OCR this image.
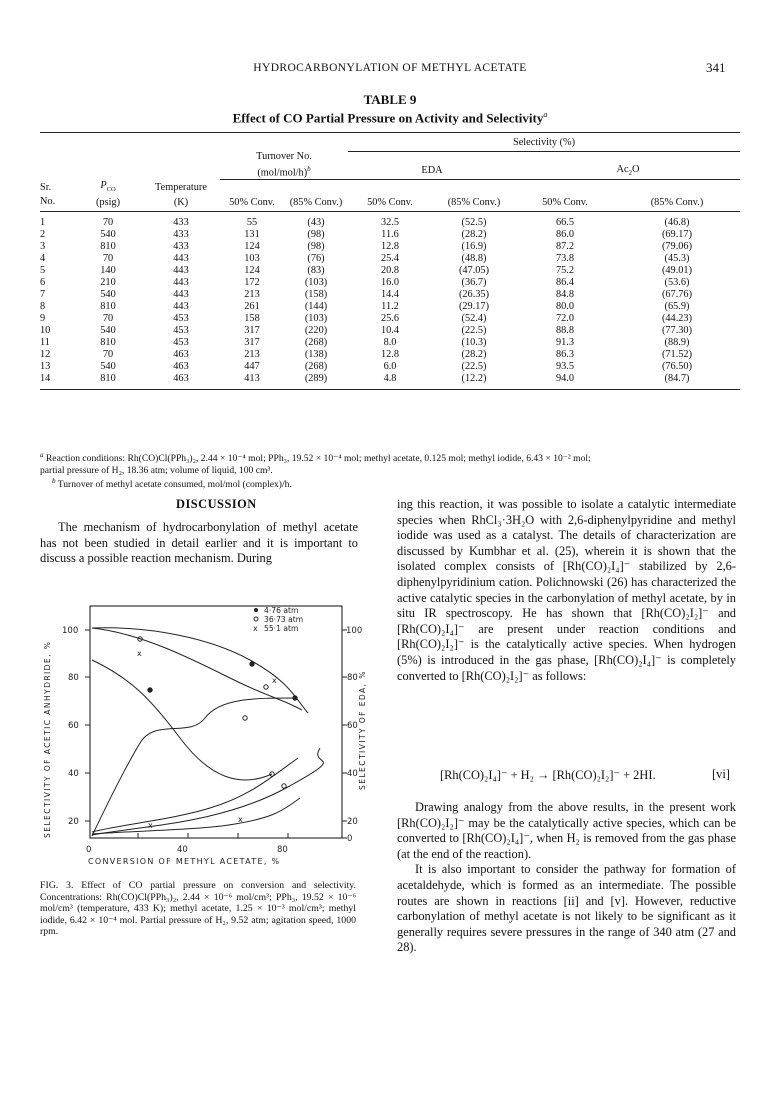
HYDROCARBONYLATION OF METHYL ACETATE	341
TABLE 9
Effect of CO Partial Pressure on Activity and Selectivity$^a$

					Selectivity (%)			
			Turnover No.					
			$(mol/mol/h)^b$		EDA		$Ac_2O$	
Sr.	$P_{CO}$	Temperature						
No.	(psig)	(K)	50% Conv.	(85% Conv.)	50% Conv.	(85% Conv.)	50% Conv.	(85% Conv.)

1	70	433	55	(43)	32.5	(52.5)	66.5	(46.8)
2	540	433	131	(98)	11.6	(28.2)	86.0	(69.17)
3	810	433	124	(98)	12.8	(16.9)	87.2	(79.06)
4	70	443	103	(76)	25.4	(48.8)	73.8	(45.3)
5	140	443	124	(83)	20.8	(47.05)	75.2	(49.01)
6	210	443	172	(103)	16.0	(36.7)	86.4	(53.6)
7	540	443	213	(158)	14.4	(26.35)	84.8	(67.76)
8	810	443	261	(144)	11.2	(29.17)	80.0	(65.9)
9	70	453	158	(103)	25.6	(52.4)	72.0	(44.23)
10	540	453	317	(220)	10.4	(22.5)	88.8	(77.30)
11	810	453	317	(268)	8.0	(10.3)	91.3	(88.9)
12	70	463	213	(138)	12.8	(28.2)	86.3	(71.52)
13	540	463	447	(268)	6.0	(22.5)	93.5	(76.50)
14	810	463	413	(289)	4.8	(12.2)	94.0	(84.7)

$^a$ Reaction conditions: Rh(CO)Cl(PPh₃)₂, 2.44 × 10⁻⁴ mol; PPh₃, 19.52 × 10⁻⁴ mol; methyl acetate, 0.125 mol; methyl iodide, 6.43 × 10⁻² mol;
partial pressure of H₂, 18.36 atm; volume of liquid, 100 cm³.
$^b$ Turnover of methyl acetate consumed, mol/mol (complex)/h.
DISCUSSION

The mechanism of hydrocarbonylation of methyl acetate has not been studied in detail earlier and it is important to discuss a possible reaction mechanism. During

100
80
60
40
20
100
80
60
40
20
0
0	40	80
SELECTIVITY OF ACETIC ANHYDRIDE, %	SELECTIVITY OF EDA, %
CONVERSION OF METHYL ACETATE, %
4·76 atm
36·73 atm
x 55·1 atm
x
x
x
x
FIG. 3. Effect of CO partial pressure on conversion and selectivity. Concentrations: Rh(CO)Cl(PPh₃)₂, 2.44 × 10⁻⁶ mol/cm³; PPh₃, 19.52 × 10⁻⁶ mol/cm³ (temperature, 433 K); methyl acetate, 1.25 × 10⁻³ mol/cm³; methyl iodide, 6.42 × 10⁻⁴ mol. Partial pressure of H₂, 9.52 atm; agitation speed, 1000 rpm.

ing this reaction, it was possible to isolate a catalytic intermediate species when RhCl₃·3H₂O with 2,6-diphenylpyridine and methyl iodide was used as a catalyst. The details of characterization are discussed by Kumbhar et al. (25), wherein it is shown that the isolated complex consists of [Rh(CO)₂I₄]⁻ stabilized by 2,6-diphenylpyridinium cation. Polichnowski (26) has characterized the active catalytic species in the carbonylation of methyl acetate, by in situ IR spectroscopy. He has shown that [Rh(CO)₂I₂]⁻ and [Rh(CO)₂I₄]⁻ are present under reaction conditions and [Rh(CO)₂I₂]⁻ is the catalytically active species. When hydrogen (5%) is introduced in the gas phase, [Rh(CO)₂I₄]⁻ is completely converted to [Rh(CO)₂I₂]⁻ as follows:

[Rh(CO)₂I₄]⁻ + H₂ → [Rh(CO)₂I₂]⁻ + 2HI.	[vi]

Drawing analogy from the above results, in the present work [Rh(CO)₂I₂]⁻ may be the catalytically active species, which can be converted to [Rh(CO)₂I₄]⁻, when H₂ is removed from the gas phase (at the end of the reaction).

It is also important to consider the pathway for formation of acetaldehyde, which is formed as an intermediate. The possible routes are shown in reactions [ii] and [v]. However, reductive carbonylation of methyl acetate is not likely to be significant as it generally requires severe pressures in the range of 340 atm (27 and 28).
